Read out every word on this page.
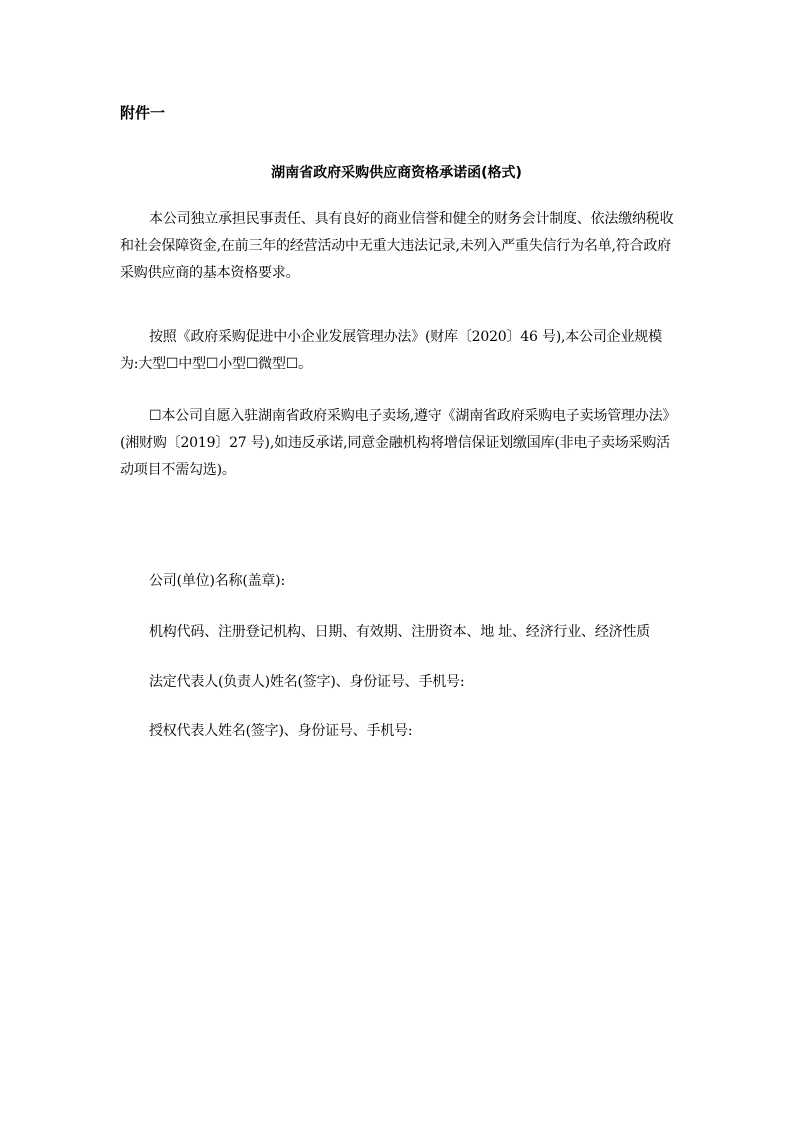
附件一
湖南省政府采购供应商资格承诺函(格式)
本公司独立承担民事责任、具有良好的商业信誉和健全的财务会计制度、依法缴纳税收和社会保障资金,在前三年的经营活动中无重大违法记录,未列入严重失信行为名单,符合政府采购供应商的基本资格要求。
按照《政府采购促进中小企业发展管理办法》(财库〔2020〕46 号),本公司企业规模为:大型☐中型☐小型☐微型☐。
☐本公司自愿入驻湖南省政府采购电子卖场,遵守《湖南省政府采购电子卖场管理办法》(湘财购〔2019〕27 号),如违反承诺,同意金融机构将增信保证划缴国库(非电子卖场采购活动项目不需勾选)。
公司(单位)名称(盖章):
机构代码、注册登记机构、日期、有效期、注册资本、地 址、经济行业、经济性质
法定代表人(负责人)姓名(签字)、身份证号、手机号:
授权代表人姓名(签字)、身份证号、手机号:
